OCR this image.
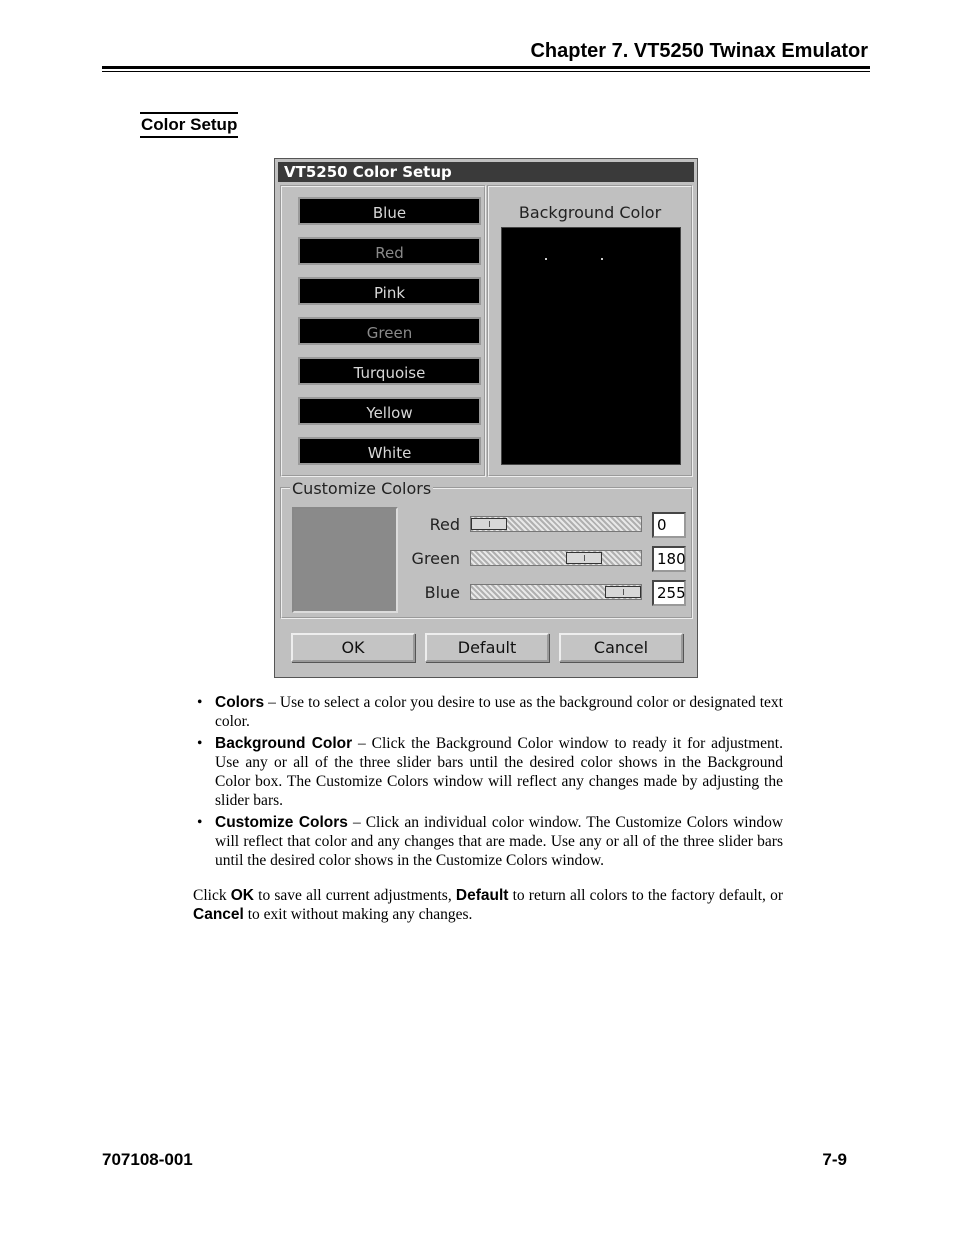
Chapter 7. VT5250 Twinax Emulator
Color Setup
VT5250 Color Setup
Blue
Red
Pink
Green
Turquoise
Yellow
White
Background Color
Customize Colors
Red	0
Green	180
Blue	255
OK	Default	Cancel
• Colors – Use to select a color you desire to use as the background color or designated text color.
• Background Color – Click the Background Color window to ready it for adjustment. Use any or all of the three slider bars until the desired color shows in the Background Color box. The Customize Colors window will reflect any changes made by adjusting the slider bars.
• Customize Colors – Click an individual color window. The Customize Colors window will reflect that color and any changes that are made. Use any or all of the three slider bars until the desired color shows in the Customize Colors window.
Click OK to save all current adjustments, Default to return all colors to the factory default, or Cancel to exit without making any changes.
707108-001	7-9
